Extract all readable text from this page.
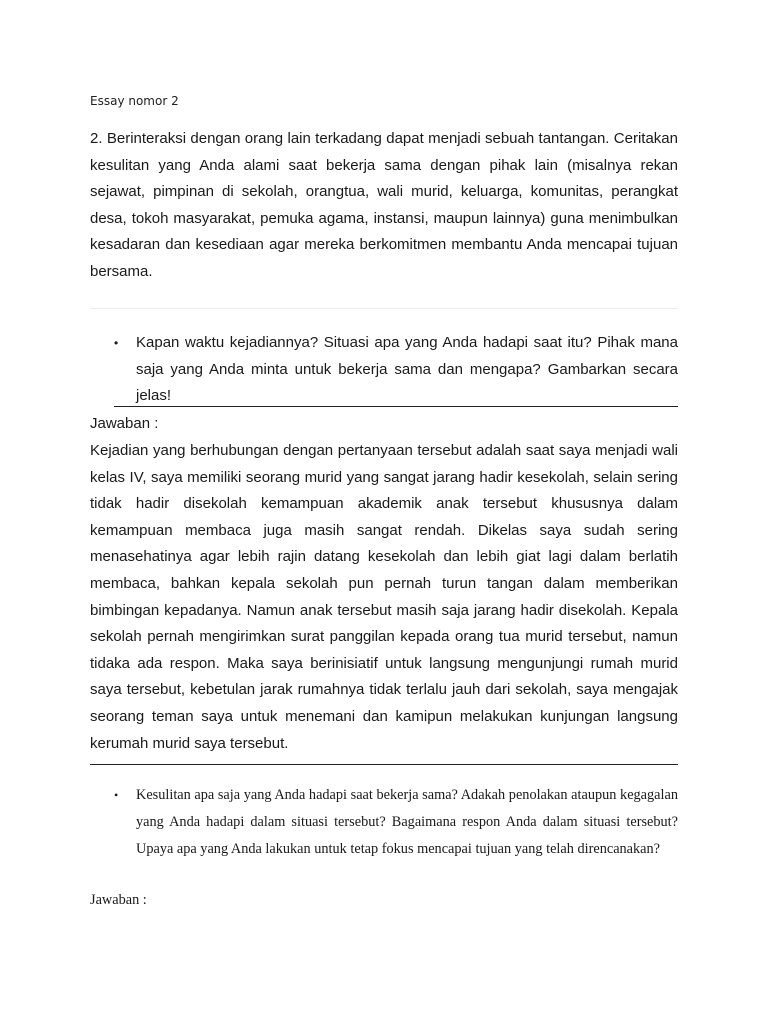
Essay nomor 2

2. Berinteraksi dengan orang lain terkadang dapat menjadi sebuah tantangan. Ceritakan kesulitan yang Anda alami saat bekerja sama dengan pihak lain (misalnya rekan sejawat, pimpinan di sekolah, orangtua, wali murid, keluarga, komunitas, perangkat desa, tokoh masyarakat, pemuka agama, instansi, maupun lainnya) guna menimbulkan kesadaran dan kesediaan agar mereka berkomitmen membantu Anda mencapai tujuan bersama.

•	Kapan waktu kejadiannya? Situasi apa yang Anda hadapi saat itu? Pihak mana saja yang Anda minta untuk bekerja sama dan mengapa? Gambarkan secara jelas!

Jawaban :

Kejadian yang berhubungan dengan pertanyaan tersebut adalah saat saya menjadi wali kelas IV, saya memiliki seorang murid yang sangat jarang hadir kesekolah, selain sering tidak hadir disekolah kemampuan akademik anak tersebut khususnya dalam kemampuan membaca juga masih sangat rendah. Dikelas saya sudah sering menasehatinya agar lebih rajin datang kesekolah dan lebih giat lagi dalam berlatih membaca, bahkan kepala sekolah pun pernah turun tangan dalam memberikan bimbingan kepadanya. Namun anak tersebut masih saja jarang hadir disekolah. Kepala sekolah pernah mengirimkan surat panggilan kepada orang tua murid tersebut, namun tidaka ada respon. Maka saya berinisiatif untuk langsung mengunjungi rumah murid saya tersebut, kebetulan jarak rumahnya tidak terlalu jauh dari sekolah, saya mengajak seorang teman saya untuk menemani dan kamipun melakukan kunjungan langsung kerumah murid saya tersebut.

•	Kesulitan apa saja yang Anda hadapi saat bekerja sama? Adakah penolakan ataupun kegagalan yang Anda hadapi dalam situasi tersebut? Bagaimana respon Anda dalam situasi tersebut? Upaya apa yang Anda lakukan untuk tetap fokus mencapai tujuan yang telah direncanakan?

Jawaban :
